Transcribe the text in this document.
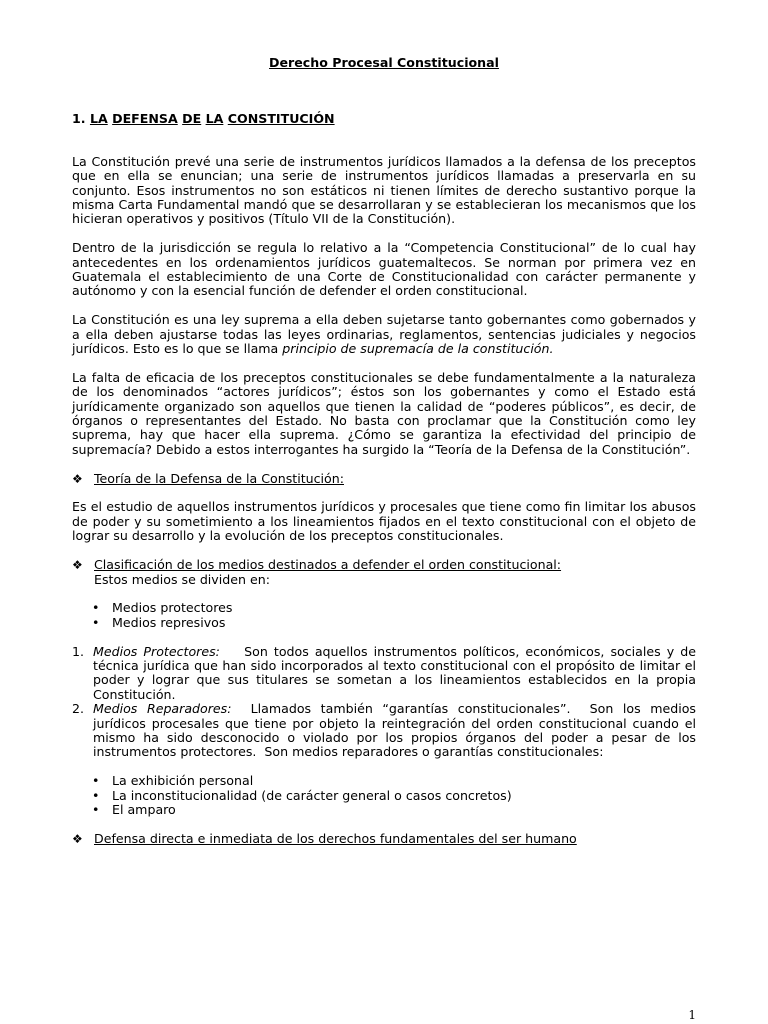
Derecho Procesal Constitucional
1. LA DEFENSA DE LA CONSTITUCIÓN

La Constitución prevé una serie de instrumentos jurídicos llamados a la defensa de los preceptos que en ella se enuncian; una serie de instrumentos jurídicos llamadas a preservarla en su conjunto. Esos instrumentos no son estáticos ni tienen límites de derecho sustantivo porque la misma Carta Fundamental mandó que se desarrollaran y se establecieran los mecanismos que los hicieran operativos y positivos (Título VII de la Constitución).

Dentro de la jurisdicción se regula lo relativo a la “Competencia Constitucional” de lo cual hay antecedentes en los ordenamientos jurídicos guatemaltecos. Se norman por primera vez en Guatemala el establecimiento de una Corte de Constitucionalidad con carácter permanente y autónomo y con la esencial función de defender el orden constitucional.

La Constitución es una ley suprema a ella deben sujetarse tanto gobernantes como gobernados y a ella deben ajustarse todas las leyes ordinarias, reglamentos, sentencias judiciales y negocios jurídicos. Esto es lo que se llama principio de supremacía de la constitución.

La falta de eficacia de los preceptos constitucionales se debe fundamentalmente a la naturaleza de los denominados “actores jurídicos”; éstos son los gobernantes y como el Estado está jurídicamente organizado son aquellos que tienen la calidad de “poderes públicos”, es decir, de órganos o representantes del Estado. No basta con proclamar que la Constitución como ley suprema, hay que hacer ella suprema. ¿Cómo se garantiza la efectividad del principio de supremacía? Debido a estos interrogantes ha surgido la “Teoría de la Defensa de la Constitución”.

❖ Teoría de la Defensa de la Constitución:

Es el estudio de aquellos instrumentos jurídicos y procesales que tiene como fin limitar los abusos de poder y su sometimiento a los lineamientos fijados en el texto constitucional con el objeto de lograr su desarrollo y la evolución de los preceptos constitucionales.

❖ Clasificación de los medios destinados a defender el orden constitucional:
Estos medios se dividen en:
• Medios protectores
• Medios represivos
1. Medios Protectores:    Son todos aquellos instrumentos políticos, económicos, sociales y de técnica jurídica que han sido incorporados al texto constitucional con el propósito de limitar el poder y lograr que sus titulares se sometan a los lineamientos establecidos en la propia Constitución.
2. Medios Reparadores:  Llamados también “garantías constitucionales”.  Son los medios jurídicos procesales que tiene por objeto la reintegración del orden constitucional cuando el mismo ha sido desconocido o violado por los propios órganos del poder a pesar de los instrumentos protectores.  Son medios reparadores o garantías constitucionales:
• La exhibición personal
• La inconstitucionalidad (de carácter general o casos concretos)
• El amparo
❖ Defensa directa e inmediata de los derechos fundamentales del ser humano
1
